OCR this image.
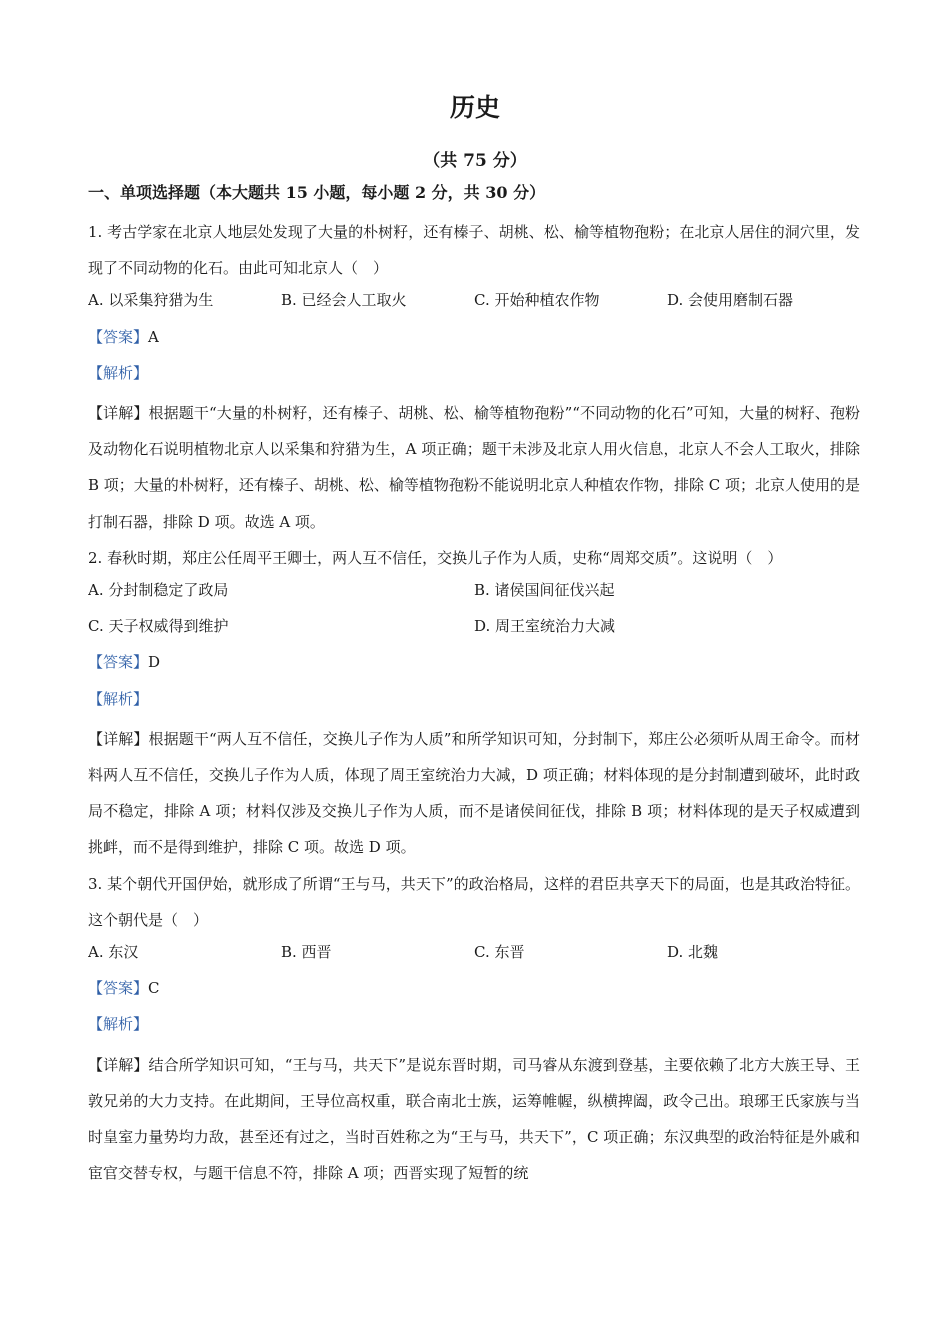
历史
（共 75 分）
一、单项选择题（本大题共 15 小题，每小题 2 分，共 30 分）
1. 考古学家在北京人地层处发现了大量的朴树籽，还有榛子、胡桃、松、榆等植物孢粉；在北京人居住的洞穴里，发现了不同动物的化石。由此可知北京人（　）
A. 以采集狩猎为生	B. 已经会人工取火	C. 开始种植农作物	D. 会使用磨制石器
【答案】A
【解析】
【详解】根据题干“大量的朴树籽，还有榛子、胡桃、松、榆等植物孢粉”“不同动物的化石”可知，大量的树籽、孢粉及动物化石说明植物北京人以采集和狩猎为生，A 项正确；题干未涉及北京人用火信息，北京人不会人工取火，排除 B 项；大量的朴树籽，还有榛子、胡桃、松、榆等植物孢粉不能说明北京人种植农作物，排除 C 项；北京人使用的是打制石器，排除 D 项。故选 A 项。
2. 春秋时期，郑庄公任周平王卿士，两人互不信任，交换儿子作为人质，史称“周郑交质”。这说明（　）
A. 分封制稳定了政局	B. 诸侯国间征伐兴起
C. 天子权威得到维护	D. 周王室统治力大减
【答案】D
【解析】
【详解】根据题干“两人互不信任，交换儿子作为人质”和所学知识可知，分封制下，郑庄公必须听从周王命令。而材料两人互不信任，交换儿子作为人质，体现了周王室统治力大减，D 项正确；材料体现的是分封制遭到破坏，此时政局不稳定，排除 A 项；材料仅涉及交换儿子作为人质，而不是诸侯间征伐，排除 B 项；材料体现的是天子权威遭到挑衅，而不是得到维护，排除 C 项。故选 D 项。
3. 某个朝代开国伊始，就形成了所谓“王与马，共天下”的政治格局，这样的君臣共享天下的局面，也是其政治特征。这个朝代是（　）
A. 东汉	B. 西晋	C. 东晋	D. 北魏
【答案】C
【解析】
【详解】结合所学知识可知，“王与马，共天下”是说东晋时期，司马睿从东渡到登基，主要依赖了北方大族王导、王敦兄弟的大力支持。在此期间，王导位高权重，联合南北士族，运筹帷幄，纵横捭阖，政令己出。琅琊王氏家族与当时皇室力量势均力敌，甚至还有过之，当时百姓称之为“王与马，共天下”，C 项正确；东汉典型的政治特征是外戚和宦官交替专权，与题干信息不符，排除 A 项；西晋实现了短暂的统
